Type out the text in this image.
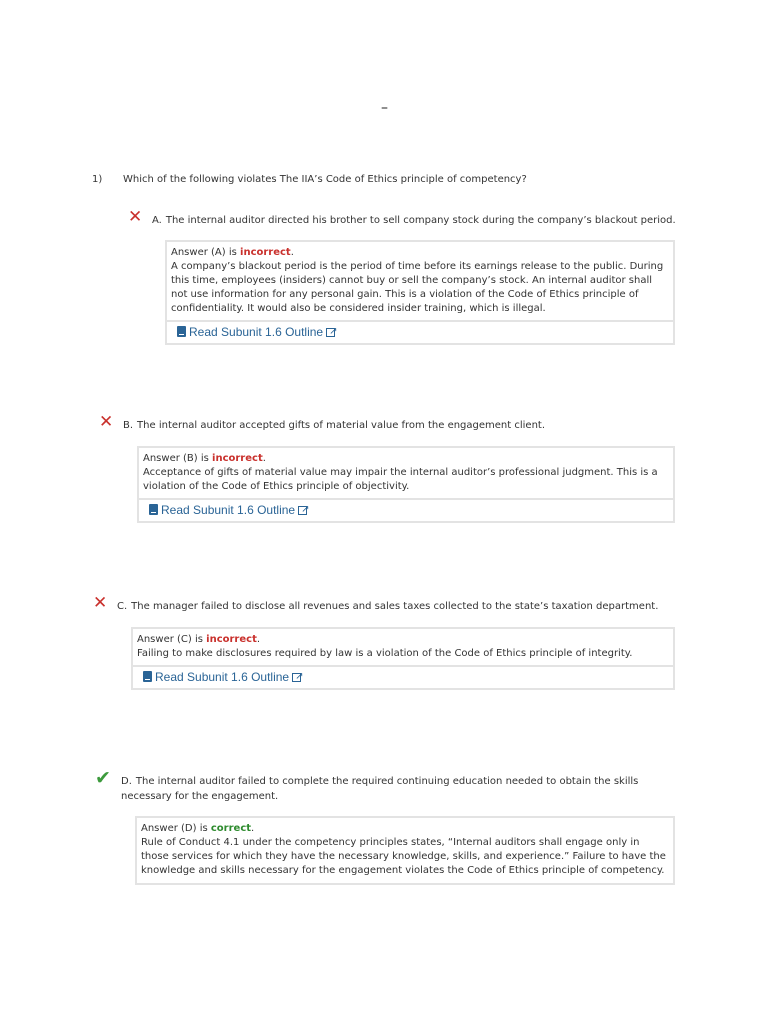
–
1) Which of the following violates The IIA’s Code of Ethics principle of competency?
✕ A. The internal auditor directed his brother to sell company stock during the company’s blackout period.
Answer (A) is incorrect.
A company’s blackout period is the period of time before its earnings release to the public. During this time, employees (insiders) cannot buy or sell the company’s stock. An internal auditor shall not use information for any personal gain. This is a violation of the Code of Ethics principle of confidentiality. It would also be considered insider training, which is illegal.
Read Subunit 1.6 Outline↗
✕ B. The internal auditor accepted gifts of material value from the engagement client.
Answer (B) is incorrect.
Acceptance of gifts of material value may impair the internal auditor’s professional judgment. This is a violation of the Code of Ethics principle of objectivity.
Read Subunit 1.6 Outline↗
✕ C. The manager failed to disclose all revenues and sales taxes collected to the state’s taxation department.
Answer (C) is incorrect.
Failing to make disclosures required by law is a violation of the Code of Ethics principle of integrity.
Read Subunit 1.6 Outline↗
✔ D. The internal auditor failed to complete the required continuing education needed to obtain the skills necessary for the engagement.
Answer (D) is correct.
Rule of Conduct 4.1 under the competency principles states, “Internal auditors shall engage only in those services for which they have the necessary knowledge, skills, and experience.” Failure to have the knowledge and skills necessary for the engagement violates the Code of Ethics principle of competency.
